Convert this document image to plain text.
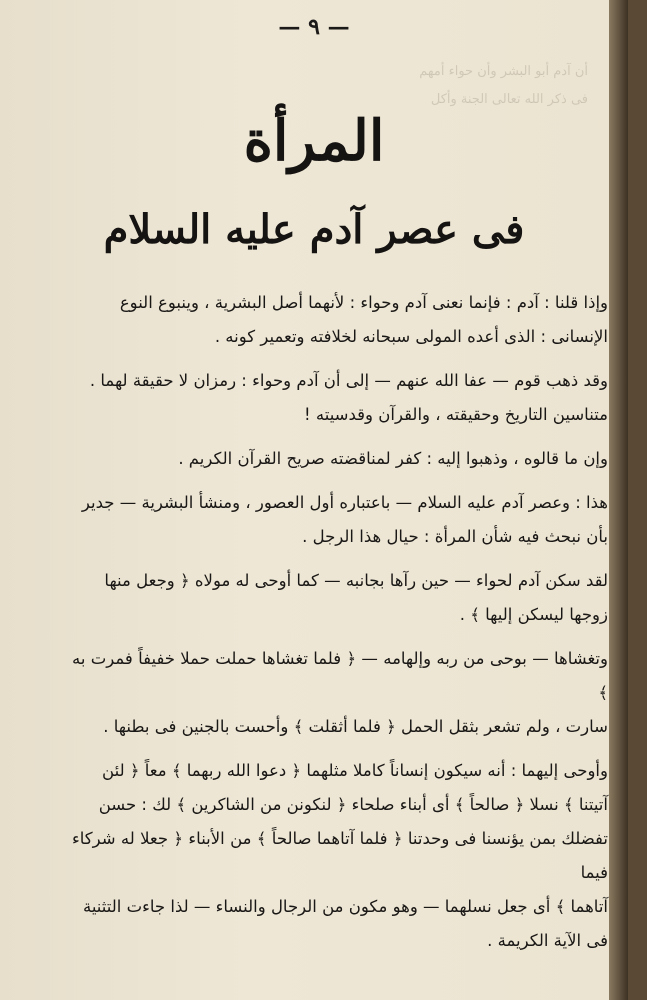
— ٩ —
أن آدم أبو البشر وأن حواء أمهم
فى ذكر الله تعالى الجنة وأكل
المرأة
فى عصر آدم عليه السلام

وإذا قلنا : آدم : فإنما نعنى آدم وحواء : لأنهما أصل البشرية ، وينبوع النوع
الإنسانى : الذى أعده المولى سبحانه لخلافته وتعمير كونه .

وقد ذهب قوم — عفا الله عنهم — إلى أن آدم وحواء : رمزان لا حقيقة لهما .
متناسين التاريخ وحقيقته ، والقرآن وقدسيته !

وإن ما قالوه ، وذهبوا إليه : كفر لمناقضته صريح القرآن الكريم .

هذا : وعصر آدم عليه السلام — باعتباره أول العصور ، ومنشأ البشرية — جدير
بأن نبحث فيه شأن المرأة : حيال هذا الرجل .

لقد سكن آدم لحواء — حين رآها بجانبه — كما أوحى له مولاه ﴿ وجعل منها
زوجها ليسكن إليها ﴾ .

وتغشاها — بوحى من ربه وإلهامه — ﴿ فلما تغشاها حملت حملا خفيفاً فمرت به ﴾
سارت ، ولم تشعر بثقل الحمل ﴿ فلما أثقلت ﴾ وأحست بالجنين فى بطنها .

وأوحى إليهما : أنه سيكون إنساناً كاملا مثلهما ﴿ دعوا الله ربهما ﴾ معاً ﴿ لئن
آتيتنا ﴾ نسلا ﴿ صالحاً ﴾ أى أبناء صلحاء ﴿ لنكونن من الشاكرين ﴾ لك : حسن
تفضلك بمن يؤنسنا فى وحدتنا ﴿ فلما آتاهما صالحاً ﴾ من الأبناء ﴿ جعلا له شركاء فيما
آتاهما ﴾ أى جعل نسلهما — وهو مكون من الرجال والنساء — لذا جاءت التثنية
فى الآية الكريمة .
